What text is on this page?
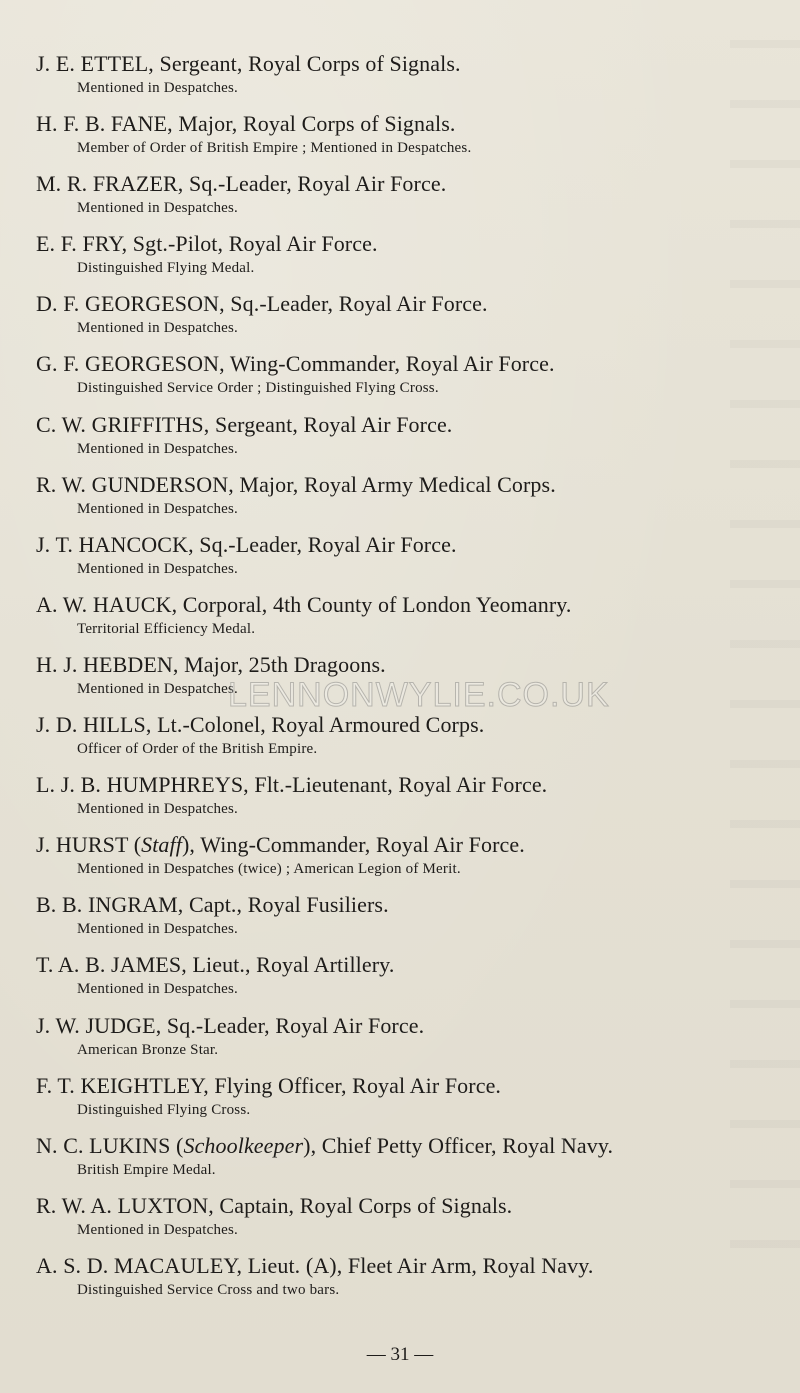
J. E. ETTEL, Sergeant, Royal Corps of Signals.
Mentioned in Despatches.
H. F. B. FANE, Major, Royal Corps of Signals.
Member of Order of British Empire ; Mentioned in Despatches.
M. R. FRAZER, Sq.-Leader, Royal Air Force.
Mentioned in Despatches.
E. F. FRY, Sgt.-Pilot, Royal Air Force.
Distinguished Flying Medal.
D. F. GEORGESON, Sq.-Leader, Royal Air Force.
Mentioned in Despatches.
G. F. GEORGESON, Wing-Commander, Royal Air Force.
Distinguished Service Order ; Distinguished Flying Cross.
C. W. GRIFFITHS, Sergeant, Royal Air Force.
Mentioned in Despatches.
R. W. GUNDERSON, Major, Royal Army Medical Corps.
Mentioned in Despatches.
J. T. HANCOCK, Sq.-Leader, Royal Air Force.
Mentioned in Despatches.
A. W. HAUCK, Corporal, 4th County of London Yeomanry.
Territorial Efficiency Medal.
H. J. HEBDEN, Major, 25th Dragoons.
Mentioned in Despatches.
J. D. HILLS, Lt.-Colonel, Royal Armoured Corps.
Officer of Order of the British Empire.
L. J. B. HUMPHREYS, Flt.-Lieutenant, Royal Air Force.
Mentioned in Despatches.
J. HURST (Staff), Wing-Commander, Royal Air Force.
Mentioned in Despatches (twice) ; American Legion of Merit.
B. B. INGRAM, Capt., Royal Fusiliers.
Mentioned in Despatches.
T. A. B. JAMES, Lieut., Royal Artillery.
Mentioned in Despatches.
J. W. JUDGE, Sq.-Leader, Royal Air Force.
American Bronze Star.
F. T. KEIGHTLEY, Flying Officer, Royal Air Force.
Distinguished Flying Cross.
N. C. LUKINS (Schoolkeeper), Chief Petty Officer, Royal Navy.
British Empire Medal.
R. W. A. LUXTON, Captain, Royal Corps of Signals.
Mentioned in Despatches.
A. S. D. MACAULEY, Lieut. (A), Fleet Air Arm, Royal Navy.
Distinguished Service Cross and two bars.
LENNONWYLIE.CO.UK
— 31 —
